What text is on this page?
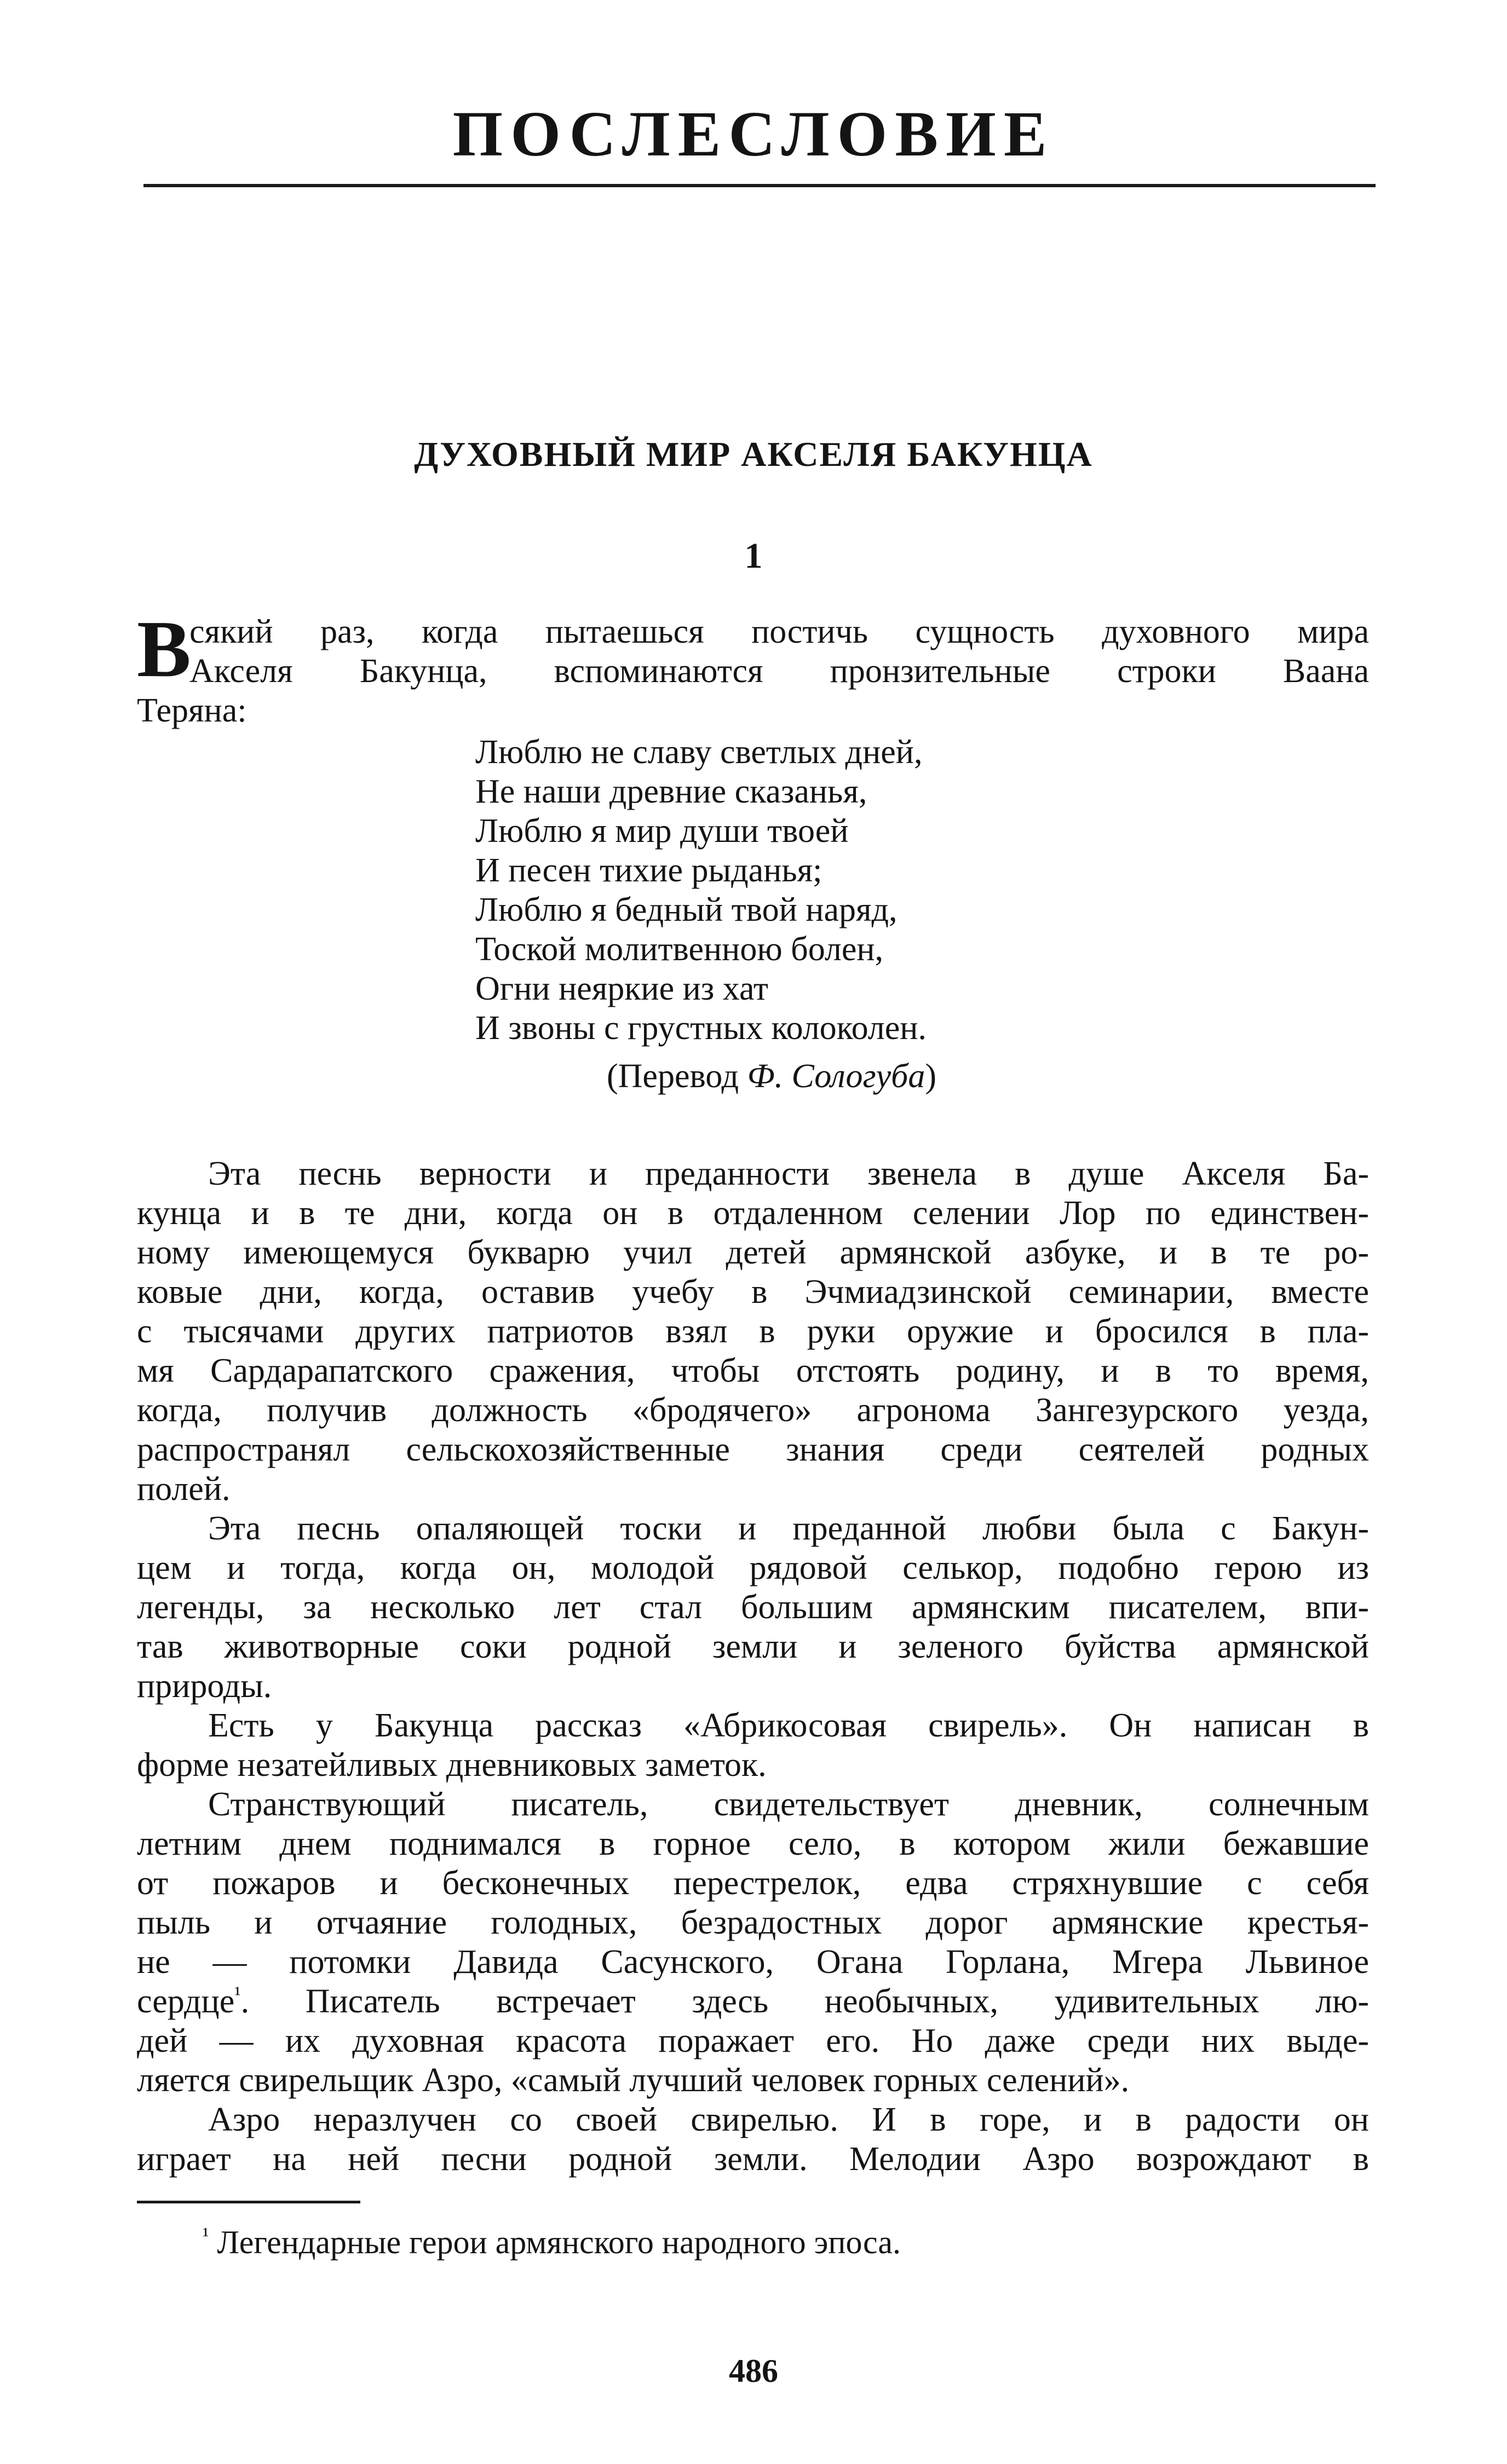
ПОСЛЕСЛОВИЕ
ДУХОВНЫЙ МИР АКСЕЛЯ БАКУНЦА
1
В
сякий раз, когда пытаешься постичь сущность духовного мира
Акселя Бакунца, вспоминаются пронзительные строки Ваана
Теряна:
Люблю не славу светлых дней,
Не наши древние сказанья,
Люблю я мир души твоей
И песен тихие рыданья;
Люблю я бедный твой наряд,
Тоской молитвенною болен,
Огни неяркие из хат
И звоны с грустных колоколен.
(Перевод Ф. Сологуба)
Эта песнь верности и преданности звенела в душе Акселя Ба-
кунца и в те дни, когда он в отдаленном селении Лор по единствен-
ному имеющемуся букварю учил детей армянской азбуке, и в те ро-
ковые дни, когда, оставив учебу в Эчмиадзинской семинарии, вместе
с тысячами других патриотов взял в руки оружие и бросился в пла-
мя Сардарапатского сражения, чтобы отстоять родину, и в то время,
когда, получив должность «бродячего» агронома Зангезурского уезда,
распространял сельскохозяйственные знания среди сеятелей родных
полей.
Эта песнь опаляющей тоски и преданной любви была с Бакун-
цем и тогда, когда он, молодой рядовой селькор, подобно герою из
легенды, за несколько лет стал большим армянским писателем, впи-
тав животворные соки родной земли и зеленого буйства армянской
природы.
Есть у Бакунца рассказ «Абрикосовая свирель». Он написан в
форме незатейливых дневниковых заметок.
Странствующий писатель, свидетельствует дневник, солнечным
летним днем поднимался в горное село, в котором жили бежавшие
от пожаров и бесконечных перестрелок, едва стряхнувшие с себя
пыль и отчаяние голодных, безрадостных дорог армянские крестья-
не — потомки Давида Сасунского, Огана Горлана, Мгера Львиное
сердце$^{^1}$. Писатель встречает здесь необычных, удивительных лю-
дей — их духовная красота поражает его. Но даже среди них выде-
ляется свирельщик Азро, «самый лучший человек горных селений».
Азро неразлучен со своей свирелью. И в горе, и в радости он
играет на ней песни родной земли. Мелодии Азро возрождают в
$^{^1}$ Легендарные герои армянского народного эпоса.
486
